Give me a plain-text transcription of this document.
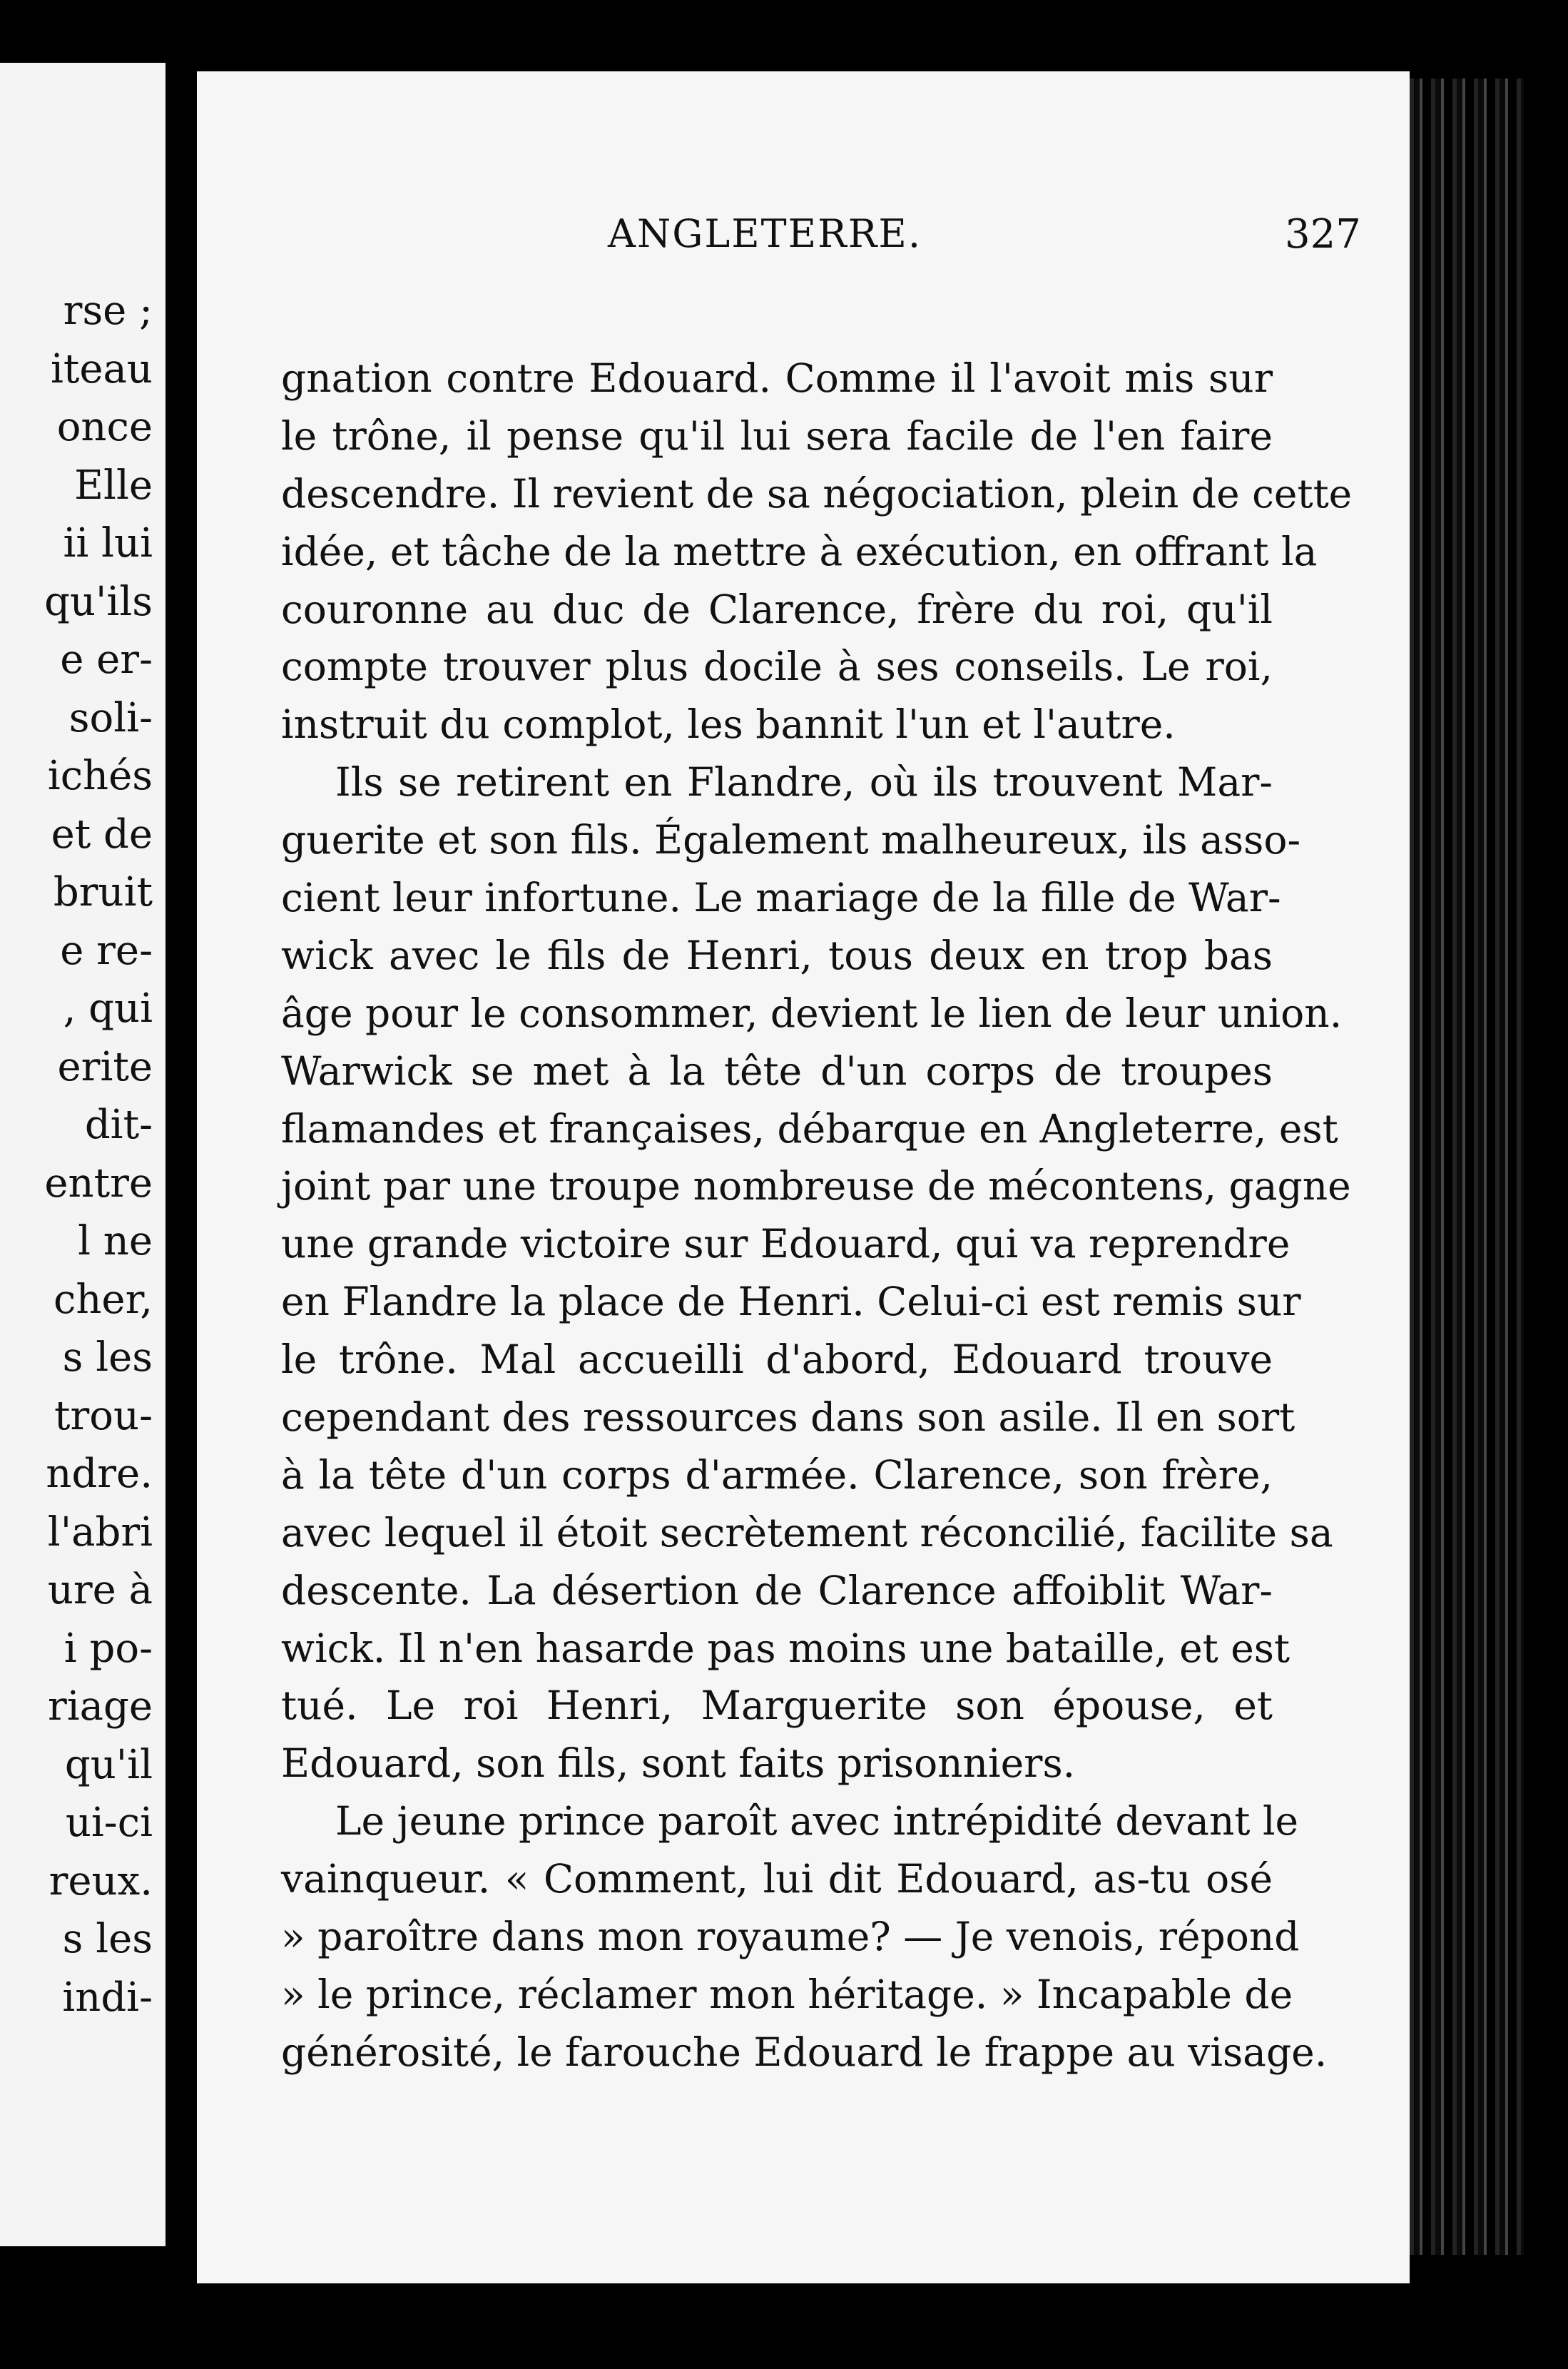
rse ;
iteau
once
Elle
ii lui
qu'ils
e er-
soli-
ichés
et de
bruit
e re-
, qui
erite
dit-
entre
l ne
cher,
s les
trou-
ndre.
l'abri
ure à
i po-
riage
qu'il
ui-ci
reux.
s les
indi-
ANGLETERRE.	327
gnation contre Edouard. Comme il l'avoit mis sur
le trône, il pense qu'il lui sera facile de l'en faire
descendre. Il revient de sa négociation, plein de cette
idée, et tâche de la mettre à exécution, en offrant la
couronne au duc de Clarence, frère du roi, qu'il
compte trouver plus docile à ses conseils. Le roi,
instruit du complot, les bannit l'un et l'autre.
Ils se retirent en Flandre, où ils trouvent Mar-
guerite et son fils. Également malheureux, ils asso-
cient leur infortune. Le mariage de la fille de War-
wick avec le fils de Henri, tous deux en trop bas
âge pour le consommer, devient le lien de leur union.
Warwick se met à la tête d'un corps de troupes
flamandes et françaises, débarque en Angleterre, est
joint par une troupe nombreuse de mécontens, gagne
une grande victoire sur Edouard, qui va reprendre
en Flandre la place de Henri. Celui-ci est remis sur
le trône. Mal accueilli d'abord, Edouard trouve
cependant des ressources dans son asile. Il en sort
à la tête d'un corps d'armée. Clarence, son frère,
avec lequel il étoit secrètement réconcilié, facilite sa
descente. La désertion de Clarence affoiblit War-
wick. Il n'en hasarde pas moins une bataille, et est
tué. Le roi Henri, Marguerite son épouse, et
Edouard, son fils, sont faits prisonniers.
Le jeune prince paroît avec intrépidité devant le
vainqueur. « Comment, lui dit Edouard, as-tu osé
» paroître dans mon royaume? — Je venois, répond
» le prince, réclamer mon héritage. » Incapable de
générosité, le farouche Edouard le frappe au visage.
